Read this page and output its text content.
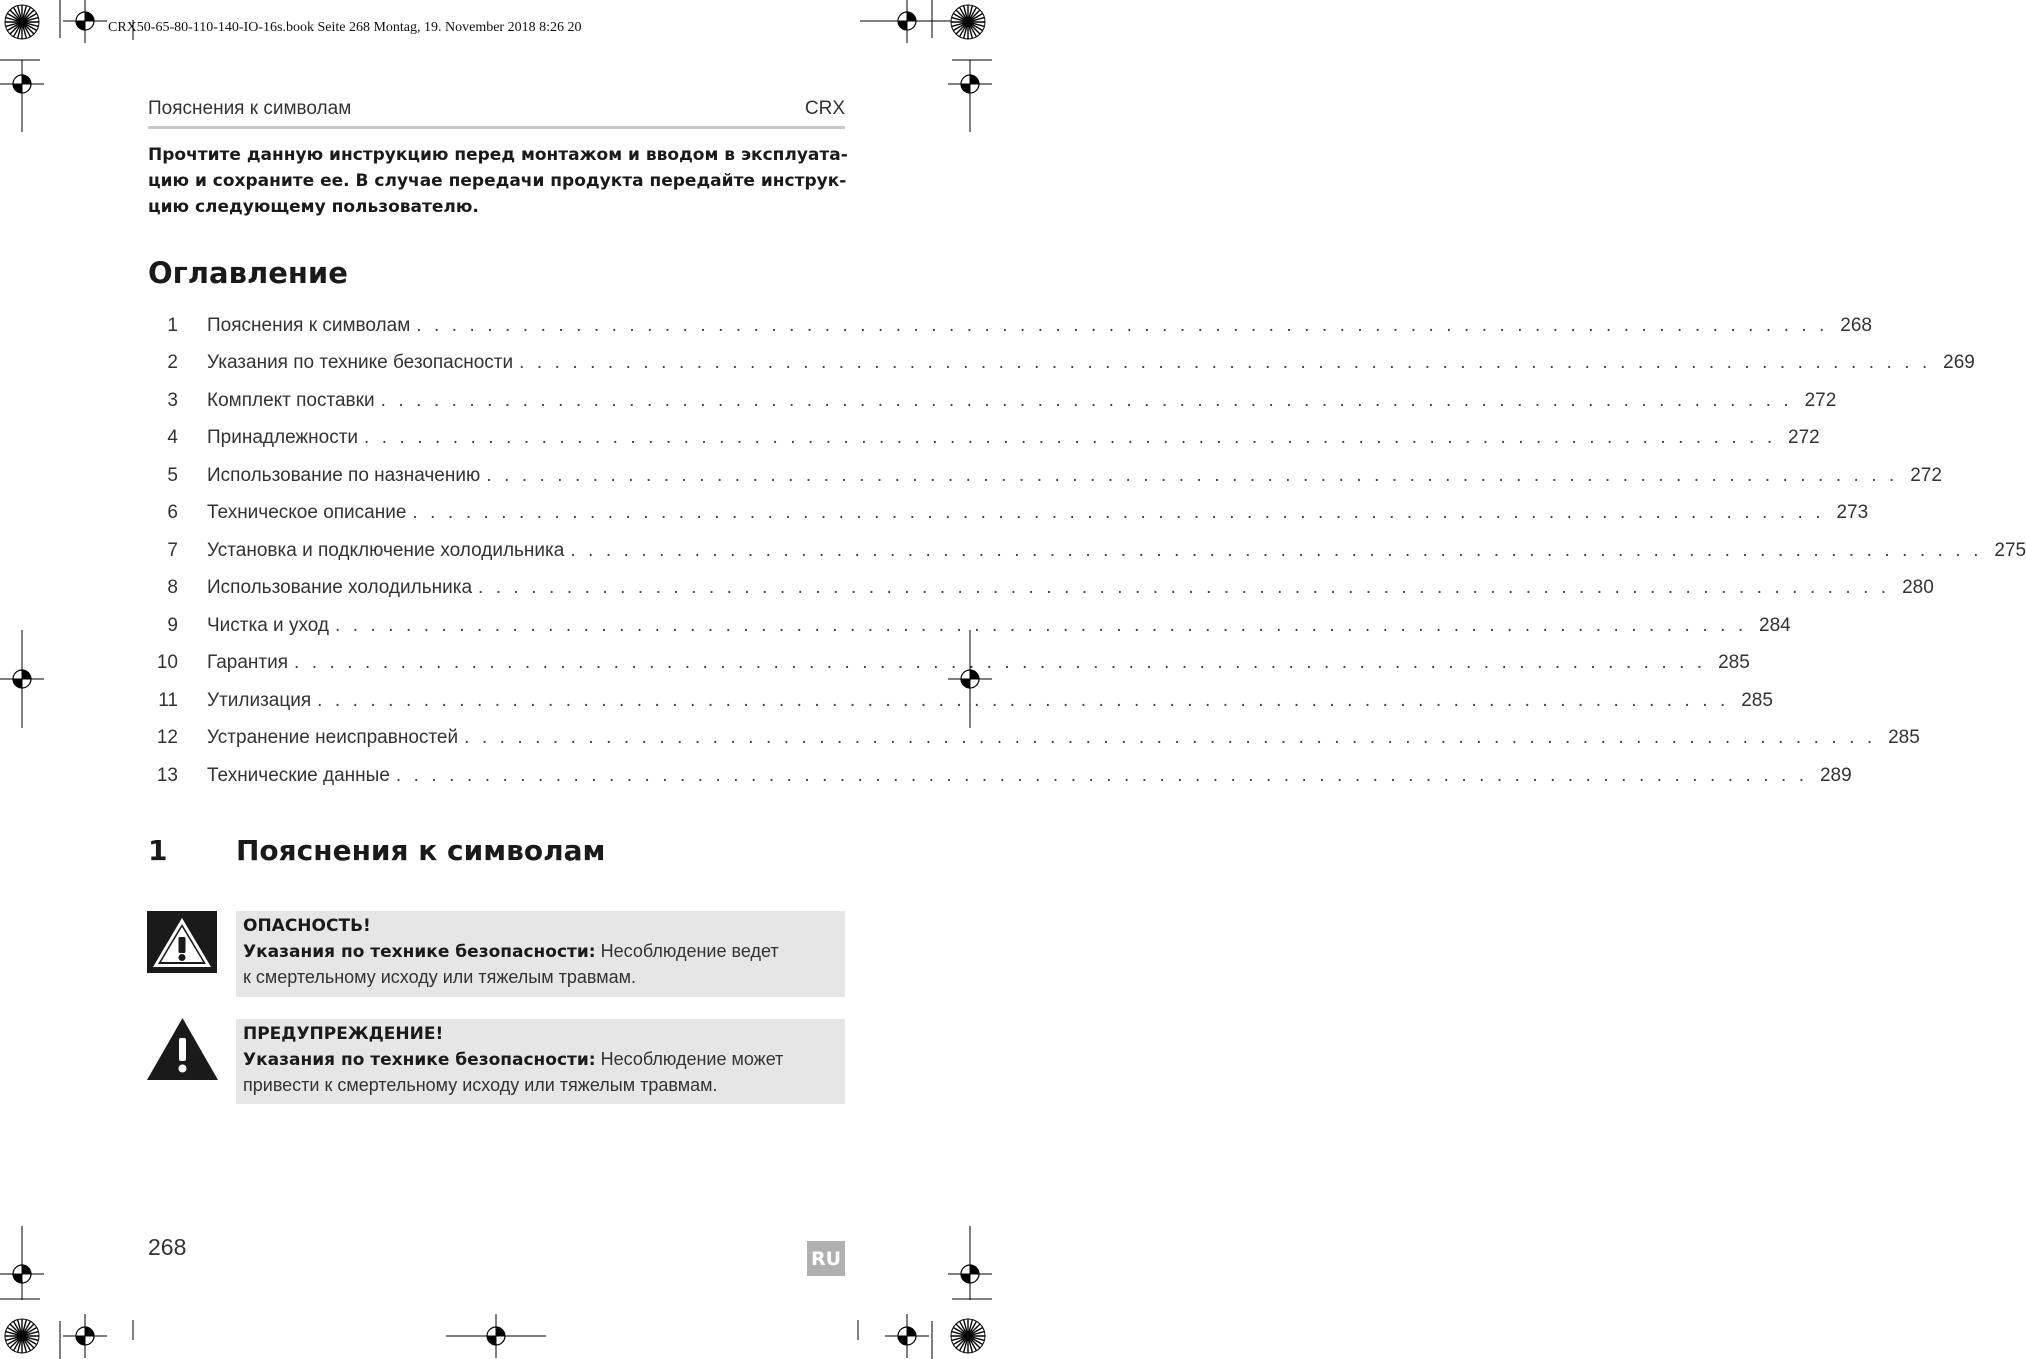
CRX50-65-80-110-140-IO-16s.book Seite 268 Montag, 19. November 2018 8:26 20
Пояснения к символам	CRX
Прочтите данную инструкцию перед монтажом и вводом в эксплуата-
цию и сохраните ее. В случае передачи продукта передайте инструк-
цию следующему пользователю.
Оглавление
1 Пояснения к символам . . . . . . . . . . . . . . . . . . . . . . . . . . . . . . . . . . . . . . . . . . . . . . . . . . . . . . . . . . . . . . . . . . . . . . . . . . . . . . . . 268
2 Указания по технике безопасности . . . . . . . . . . . . . . . . . . . . . . . . . . . . . . . . . . . . . . . . . . . . . . . . . . . . . . . . . . . . . . . . . . . . . . . . . . . . . . . . 269
3 Комплект поставки . . . . . . . . . . . . . . . . . . . . . . . . . . . . . . . . . . . . . . . . . . . . . . . . . . . . . . . . . . . . . . . . . . . . . . . . . . . . . . . . 272
4 Принадлежности . . . . . . . . . . . . . . . . . . . . . . . . . . . . . . . . . . . . . . . . . . . . . . . . . . . . . . . . . . . . . . . . . . . . . . . . . . . . . . . . 272
5 Использование по назначению . . . . . . . . . . . . . . . . . . . . . . . . . . . . . . . . . . . . . . . . . . . . . . . . . . . . . . . . . . . . . . . . . . . . . . . . . . . . . . . . 272
6 Техническое описание . . . . . . . . . . . . . . . . . . . . . . . . . . . . . . . . . . . . . . . . . . . . . . . . . . . . . . . . . . . . . . . . . . . . . . . . . . . . . . . . 273
7 Установка и подключение холодильника . . . . . . . . . . . . . . . . . . . . . . . . . . . . . . . . . . . . . . . . . . . . . . . . . . . . . . . . . . . . . . . . . . . . . . . . . . . . . . . . 275
8 Использование холодильника . . . . . . . . . . . . . . . . . . . . . . . . . . . . . . . . . . . . . . . . . . . . . . . . . . . . . . . . . . . . . . . . . . . . . . . . . . . . . . . . 280
9 Чистка и уход . . . . . . . . . . . . . . . . . . . . . . . . . . . . . . . . . . . . . . . . . . . . . . . . . . . . . . . . . . . . . . . . . . . . . . . . . . . . . . . . 284
10 Гарантия . . . . . . . . . . . . . . . . . . . . . . . . . . . . . . . . . . . . . . . . . . . . . . . . . . . . . . . . . . . . . . . . . . . . . . . . . . . . . . . . 285
11 Утилизация . . . . . . . . . . . . . . . . . . . . . . . . . . . . . . . . . . . . . . . . . . . . . . . . . . . . . . . . . . . . . . . . . . . . . . . . . . . . . . . . 285
12 Устранение неисправностей . . . . . . . . . . . . . . . . . . . . . . . . . . . . . . . . . . . . . . . . . . . . . . . . . . . . . . . . . . . . . . . . . . . . . . . . . . . . . . . . 285
13 Технические данные . . . . . . . . . . . . . . . . . . . . . . . . . . . . . . . . . . . . . . . . . . . . . . . . . . . . . . . . . . . . . . . . . . . . . . . . . . . . . . . . 289
1 Пояснения к символам
ОПАСНОСТЬ!
Указания по технике безопасности: Несоблюдение ведет
к смертельному исходу или тяжелым травмам.
ПРЕДУПРЕЖДЕНИЕ!
Указания по технике безопасности: Несоблюдение может
привести к смертельному исходу или тяжелым травмам.
268	RU
